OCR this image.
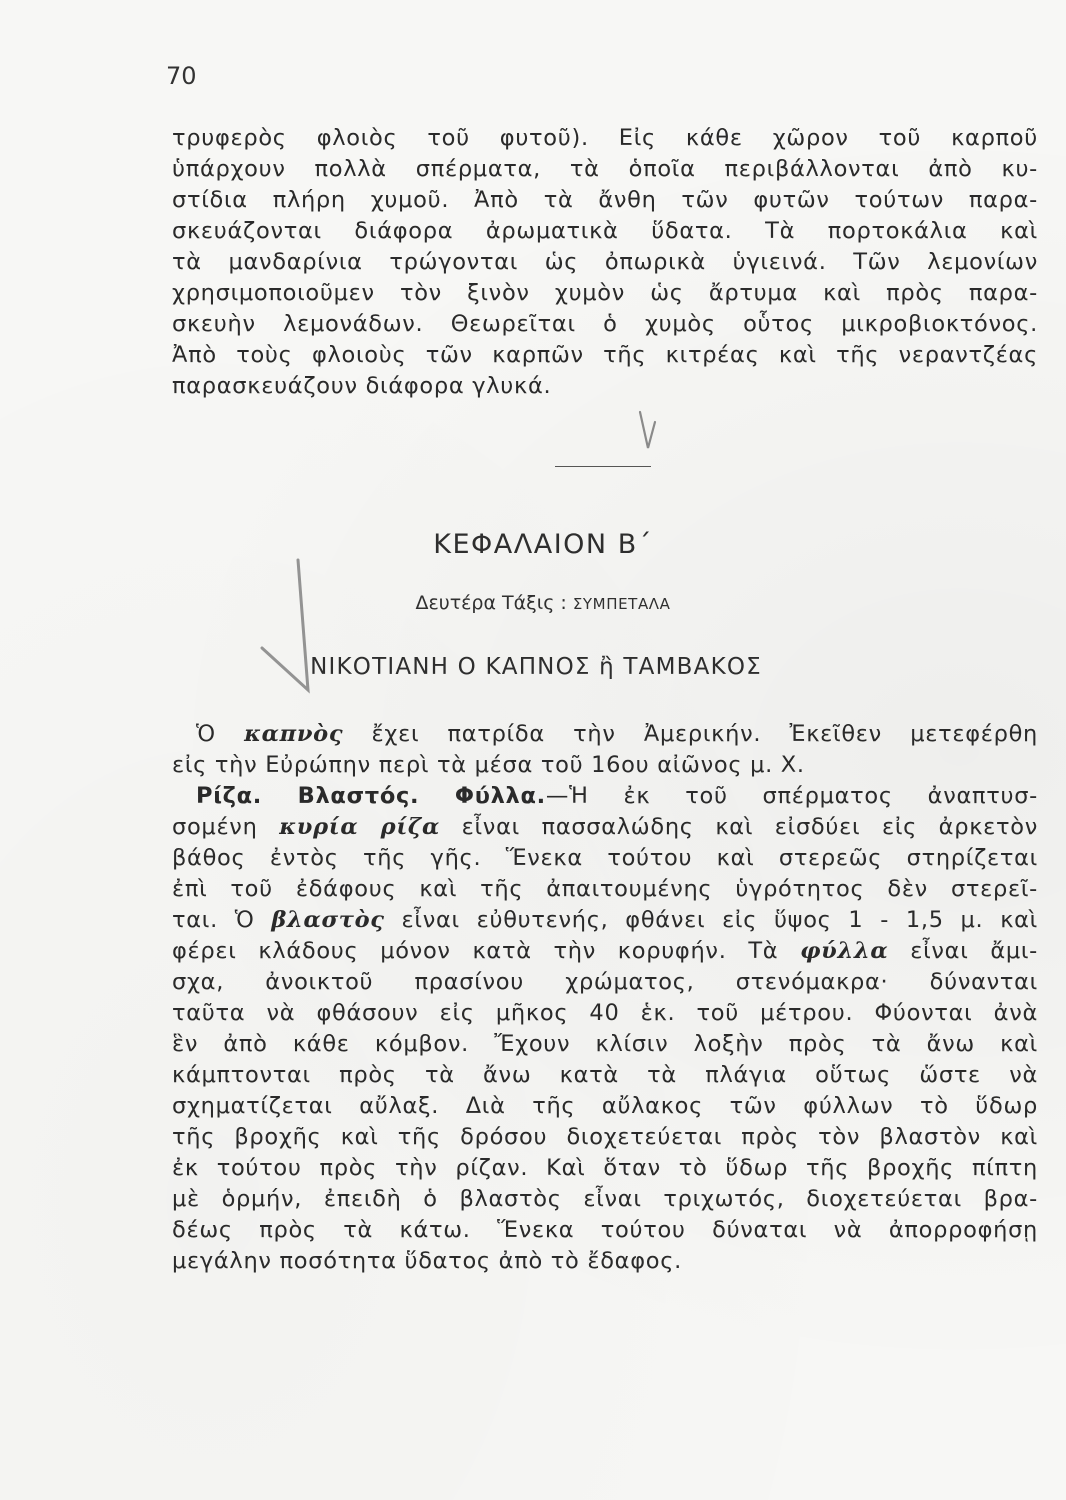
70

τρυφερὸς φλοιὸς τοῦ φυτοῦ). Εἰς κάθε χῶρον τοῦ καρποῦ
ὑπάρχουν πολλὰ σπέρματα, τὰ ὁποῖα περιβάλλονται ἀπὸ κυ-
στίδια πλήρη χυμοῦ. Ἀπὸ τὰ ἄνθη τῶν φυτῶν τούτων παρα-
σκευάζονται διάφορα ἀρωματικὰ ὕδατα. Τὰ πορτοκάλια καὶ
τὰ μανδαρίνια τρώγονται ὡς ὀπωρικὰ ὑγιεινά. Τῶν λεμονίων
χρησιμοποιοῦμεν τὸν ξινὸν χυμὸν ὡς ἄρτυμα καὶ πρὸς παρα-
σκευὴν λεμονάδων. Θεωρεῖται ὁ χυμὸς οὗτος μικροβιοκτόνος.
Ἀπὸ τοὺς φλοιοὺς τῶν καρπῶν τῆς κιτρέας καὶ τῆς νεραντζέας
παρασκευάζουν διάφορα γλυκά.

ΚΕΦΑΛΑΙΟΝ Β΄
Δευτέρα Τάξις : ΣΥΜΠΕΤΑΛΑ
ΝΙΚΟΤΙΑΝΗ Ο ΚΑΠΝΟΣ ἢ ΤΑΜΒΑΚΟΣ

Ὁ καπνὸς ἔχει πατρίδα τὴν Ἀμερικήν. Ἐκεῖθεν μετεφέρθη
εἰς τὴν Εὐρώπην περὶ τὰ μέσα τοῦ 16ου αἰῶνος μ. Χ.
Ρίζα. Βλαστός. Φύλλα.—Ἡ ἐκ τοῦ σπέρματος ἀναπτυσ-
σομένη κυρία ρίζα εἶναι πασσαλώδης καὶ εἰσδύει εἰς ἀρκετὸν
βάθος ἐντὸς τῆς γῆς. Ἕνεκα τούτου καὶ στερεῶς στηρίζεται
ἐπὶ τοῦ ἐδάφους καὶ τῆς ἀπαιτουμένης ὑγρότητος δὲν στερεῖ-
ται. Ὁ βλαστὸς εἶναι εὐθυτενής, φθάνει εἰς ὕψος 1 - 1,5 μ. καὶ
φέρει κλάδους μόνον κατὰ τὴν κορυφήν. Τὰ φύλλα εἶναι ἄμι-
σχα, ἀνοικτοῦ πρασίνου χρώματος, στενόμακρα· δύνανται
ταῦτα νὰ φθάσουν εἰς μῆκος 40 ἑκ. τοῦ μέτρου. Φύονται ἀνὰ
ἓν ἀπὸ κάθε κόμβον. Ἔχουν κλίσιν λοξὴν πρὸς τὰ ἄνω καὶ
κάμπτονται πρὸς τὰ ἄνω κατὰ τὰ πλάγια οὕτως ὥστε νὰ
σχηματίζεται αὔλαξ. Διὰ τῆς αὔλακος τῶν φύλλων τὸ ὕδωρ
τῆς βροχῆς καὶ τῆς δρόσου διοχετεύεται πρὸς τὸν βλαστὸν καὶ
ἐκ τούτου πρὸς τὴν ρίζαν. Καὶ ὅταν τὸ ὕδωρ τῆς βροχῆς πίπτη
μὲ ὁρμήν, ἐπειδὴ ὁ βλαστὸς εἶναι τριχωτός, διοχετεύεται βρα-
δέως πρὸς τὰ κάτω. Ἕνεκα τούτου δύναται νὰ ἀπορροφήσῃ
μεγάλην ποσότητα ὕδατος ἀπὸ τὸ ἔδαφος.
